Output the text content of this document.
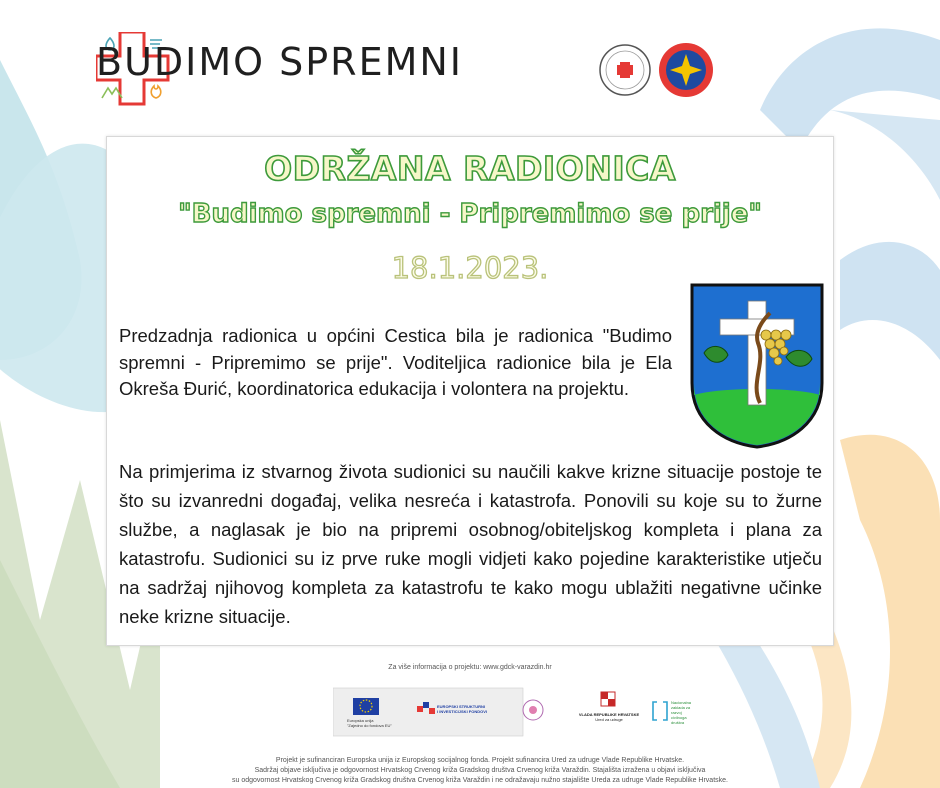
BUDIMO SPREMNI
ODRŽANA RADIONICA
"Budimo spremni - Pripremimo se prije"
18.1.2023.

Predzadnja radionica u općini Cestica bila je radionica "Budimo spremni - Pripremimo se prije". Voditeljica radionice bila je Ela Okreša Đurić, koordinatorica edukacija i volontera na projektu.

Na primjerima iz stvarnog života sudionici su naučili kakve krizne situacije postoje te što su izvanredni događaj, velika nesreća i katastrofa. Ponovili su koje su to žurne službe, a naglasak je bio na pripremi osobnog/obiteljskog kompleta i plana za katastrofu. Sudionici su iz prve ruke mogli vidjeti kako pojedine karakteristike utječu na sadržaj njihovog kompleta za katastrofu te kako mogu ublažiti negativne učinke neke krizne situacije.

Za više informacija o projektu: www.gdck-varazdin.hr
Europska unija
"Zajedno do fondova EU"
EUROPSKI STRUKTURNI
I INVESTICIJSKI FONDOVI
VLADA REPUBLIKE HRVATSKE
Ured za udruge
Nacionalna
zaklada za
razvoj
civilnoga
društva
Projekt je sufinanciran Europska unija iz Europskog socijalnog fonda. Projekt sufinancira Ured za udruge Vlade Republike Hrvatske.
Sadržaj objave isključiva je odgovornost Hrvatskog Crvenog križa Gradskog društva Crvenog križa Varaždin. Stajališta izražena u objavi isključiva
su odgovornost Hrvatskog Crvenog križa Gradskog društva Crvenog križa Varaždin i ne odražavaju nužno stajalište Ureda za udruge Vlade Republike Hrvatske.
